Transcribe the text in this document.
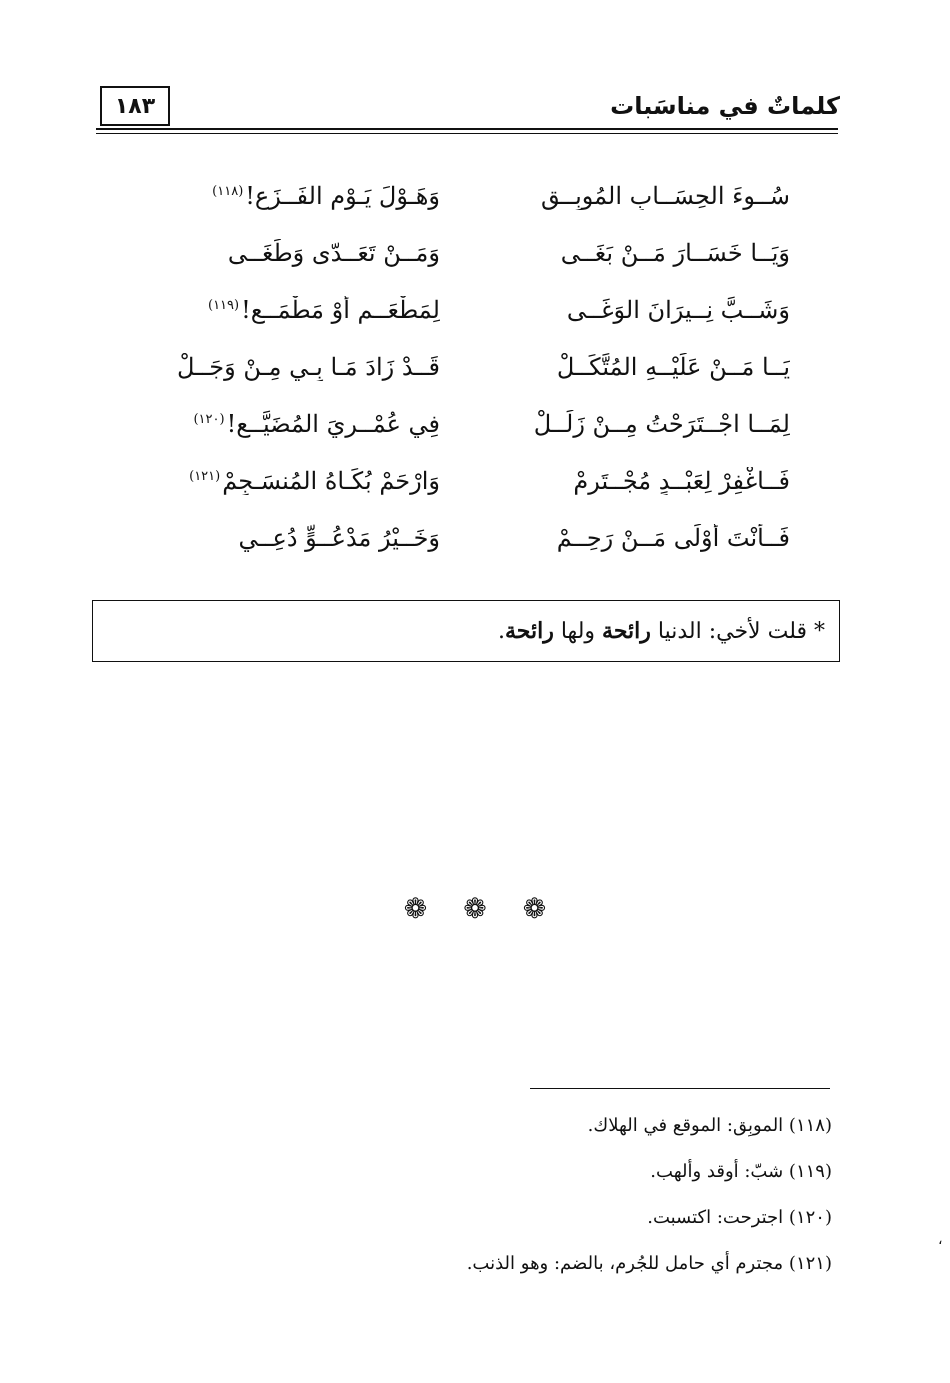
١٨٣	كلماتٌ في مناسَبات
سُــوءَ الحِسَــابِ المُوبِــقِ
وَهَـوْلَ يَـوْمِ الفَــزَعِ!$^{(١١٨)}$
وَيَــا خَسَــارَ مَــنْ بَغَــى
وَمَــنْ تَعَــدّى وَطَغَــى
وَشَــبَّ نِــيرَانَ الوَغَــى
لِمَطْعَــمٍ أَوْ مَطْمَــعِ!$^{(١١٩)}$
يَــا مَــنْ عَلَيْــهِ المُتَّكَــلْ
قَــدْ زَادَ مَـا بِـي مِـنْ وَجَــلْ
لِمَــا اجْــتَرَحْتُ مِــنْ زَلَــلْ
فِي عُمْــرِيَ المُضَيَّــعِ!$^{(١٢٠)}$
فَــاغْفِرْ لِعَبْــدٍ مُجْــتَرِمْ
وَارْحَمْ بُكَـاهُ المُنسَـجِمْ$^{(١٢١)}$
فَــأَنْتَ أَوْلَى مَــنْ رَحِــمْ
وَخَــيْرُ مَدْعُــوٍّ دُعِــي
* قلت لأخي: الدنيا رائحة ولها رائحة.
❁ ❁ ❁
(١١٨) الموبِق: الموقع في الهلاك.
(١١٩) شبّ: أوقد وألهب.
(١٢٠) اجترحت: اكتسبت.
(١٢١) مجترم أي حامل للجُرم، بالضم: وهو الذنب.
،
